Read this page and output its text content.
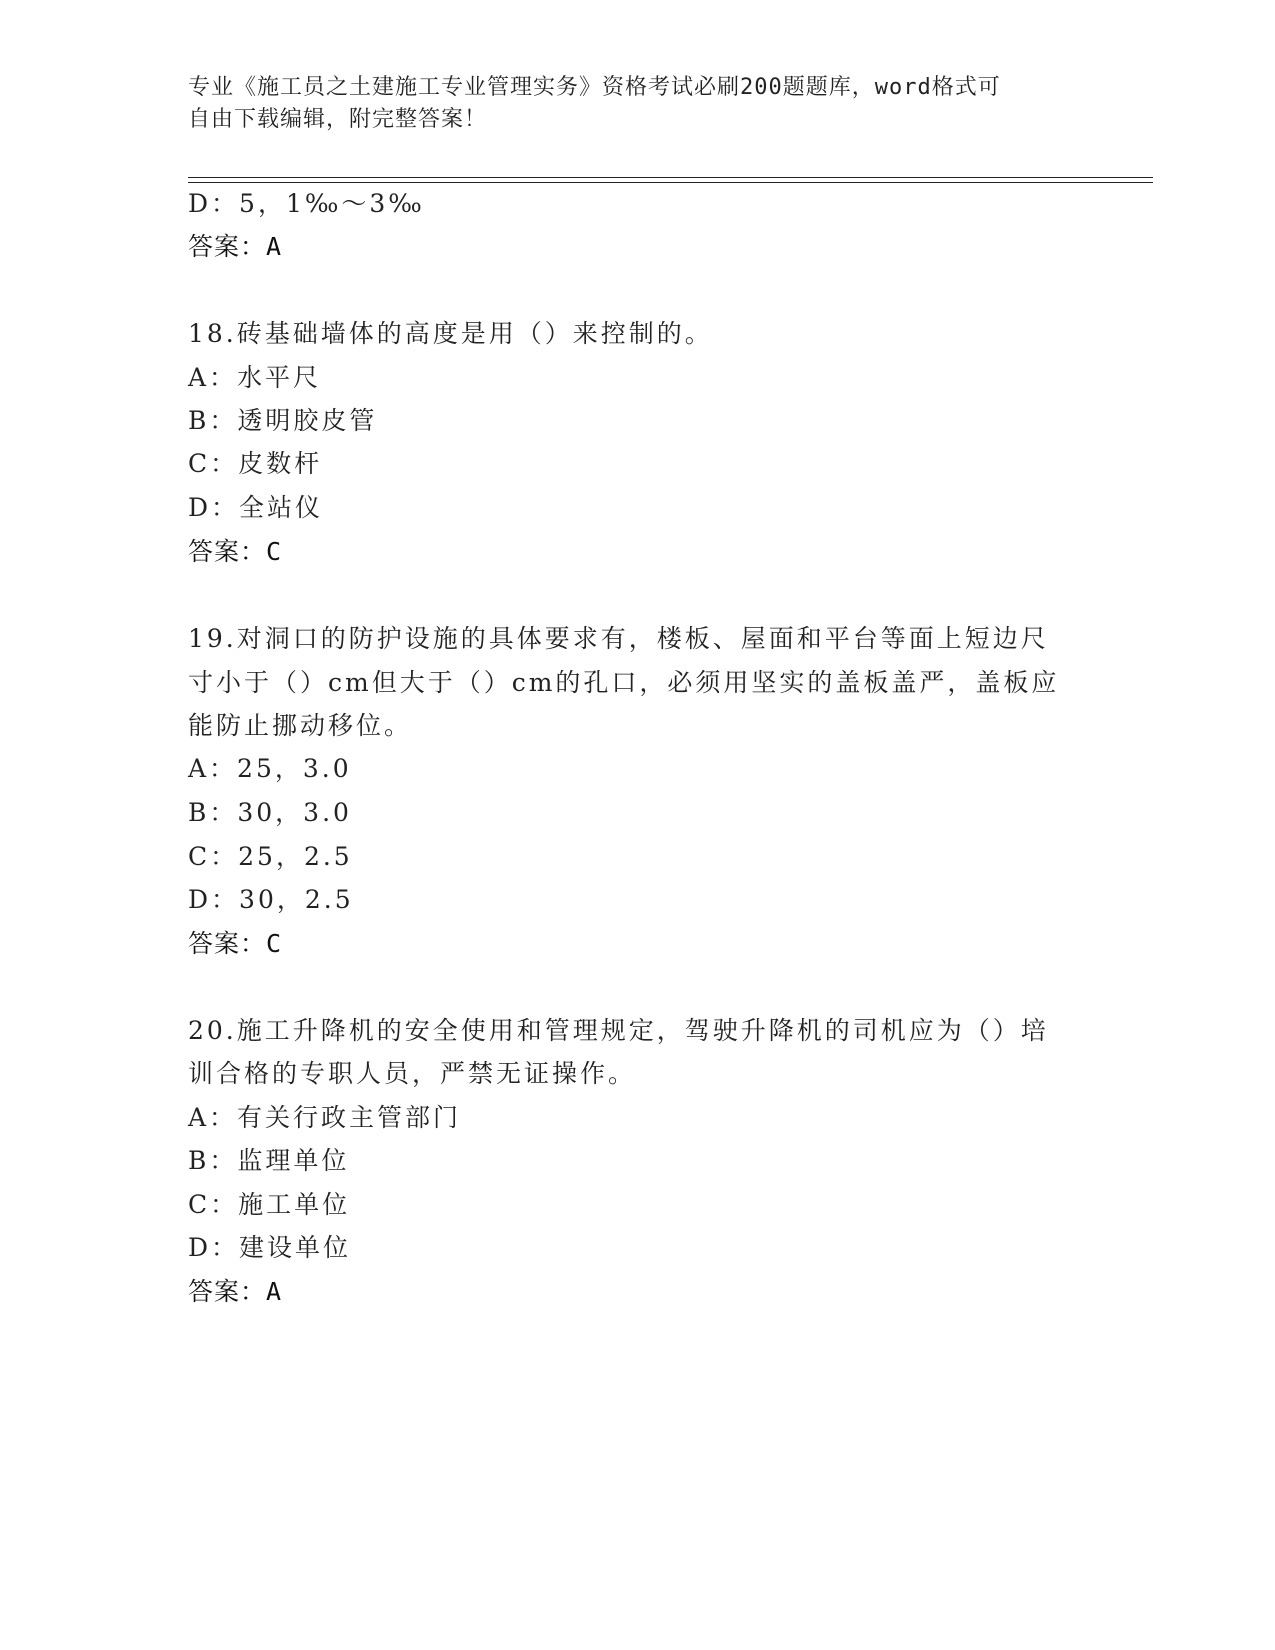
专业《施工员之土建施工专业管理实务》资格考试必刷200题题库，word格式可
自由下载编辑，附完整答案！
D：5，1‰～3‰
答案：A
18.砖基础墙体的高度是用（）来控制的。
A：水平尺
B：透明胶皮管
C：皮数杆
D：全站仪
答案：C
19.对洞口的防护设施的具体要求有，楼板、屋面和平台等面上短边尺
寸小于（）cm但大于（）cm的孔口，必须用坚实的盖板盖严，盖板应
能防止挪动移位。
A：25，3.0
B：30，3.0
C：25，2.5
D：30，2.5
答案：C
20.施工升降机的安全使用和管理规定，驾驶升降机的司机应为（）培
训合格的专职人员，严禁无证操作。
A：有关行政主管部门
B：监理单位
C：施工单位
D：建设单位
答案：A
